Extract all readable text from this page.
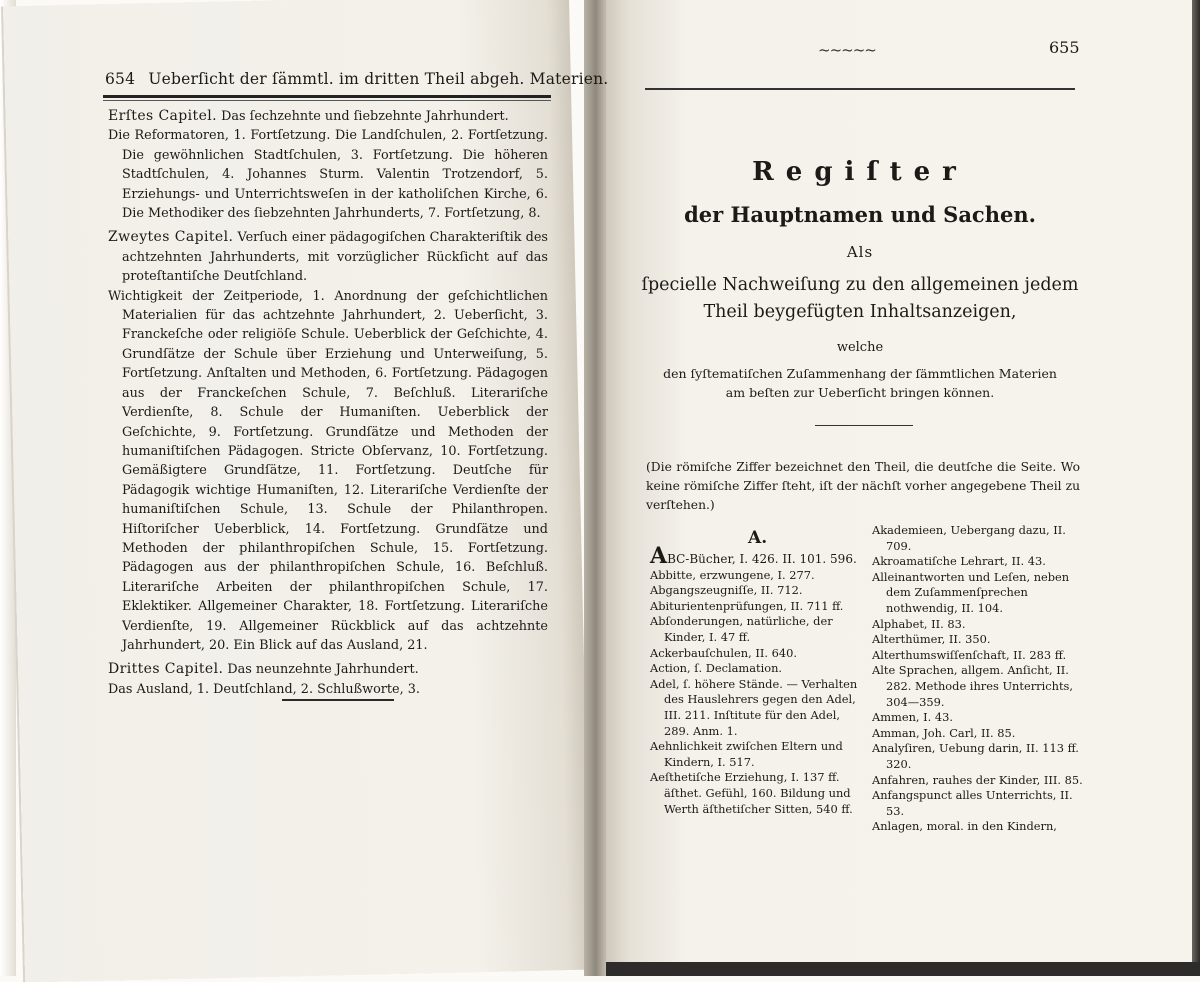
654 Ueberſicht der ſämmtl. im dritten Theil abgeh. Materien.

Erſtes Capitel. Das ſechzehnte und ſiebzehnte Jahrhundert.

Die Reformatoren, 1. Fortſetzung. Die Landſchulen, 2. Fortſetzung. Die gewöhnlichen Stadtſchulen, 3. Fortſetzung. Die höheren Stadtſchulen, 4. Johannes Sturm. Valentin Trotzendorf, 5. Erziehungs- und Unterrichtsweſen in der katholiſchen Kirche, 6. Die Methodiker des ſiebzehnten Jahrhunderts, 7. Fortſetzung, 8.

Zweytes Capitel. Verſuch einer pädagogiſchen Charakteriſtik des achtzehnten Jahrhunderts, mit vorzüglicher Rückſicht auf das proteſtantiſche Deutſchland.

Wichtigkeit der Zeitperiode, 1. Anordnung der geſchichtlichen Materialien für das achtzehnte Jahrhundert, 2. Ueberſicht, 3. Franckeſche oder religiöſe Schule. Ueberblick der Geſchichte, 4. Grundſätze der Schule über Erziehung und Unterweiſung, 5. Fortſetzung. Anſtalten und Methoden, 6. Fortſetzung. Pädagogen aus der Franckeſchen Schule, 7. Beſchluß. Literariſche Verdienſte, 8. Schule der Humaniſten. Ueberblick der Geſchichte, 9. Fortſetzung. Grundſätze und Methoden der humaniſtiſchen Pädagogen. Stricte Obſervanz, 10. Fortſetzung. Gemäßigtere Grundſätze, 11. Fortſetzung. Deutſche für Pädagogik wichtige Humaniſten, 12. Literariſche Verdienſte der humaniſtiſchen Schule, 13. Schule der Philanthropen. Hiſtoriſcher Ueberblick, 14. Fortſetzung. Grundſätze und Methoden der philanthropiſchen Schule, 15. Fortſetzung. Pädagogen aus der philanthropiſchen Schule, 16. Beſchluß. Literariſche Arbeiten der philanthropiſchen Schule, 17. Eklektiker. Allgemeiner Charakter, 18. Fortſetzung. Literariſche Verdienſte, 19. Allgemeiner Rückblick auf das achtzehnte Jahrhundert, 20. Ein Blick auf das Ausland, 21.

Drittes Capitel. Das neunzehnte Jahrhundert.

Das Ausland, 1. Deutſchland, 2. Schlußworte, 3.

~~~~~	655
Regiſter
der Hauptnamen und Sachen.
Als
ſpecielle Nachweiſung zu den allgemeinen jedem
Theil beygefügten Inhaltsanzeigen,
welche
den ſyſtematiſchen Zuſammenhang der ſämmtlichen Materien
am beſten zur Ueberſicht bringen können.
(Die römiſche Ziffer bezeichnet den Theil, die deutſche die Seite. Wo keine römiſche Ziffer ſteht, iſt der nächſt vorher angegebene Theil zu verſtehen.)
A.

ABC-Bücher, I. 426. II. 101. 596.

Abbitte, erzwungene, I. 277.

Abgangszeugniſſe, II. 712.

Abiturientenprüfungen, II. 711 ff.

Abſonderungen, natürliche, der Kinder, I. 47 ff.

Ackerbauſchulen, II. 640.

Action, ſ. Declamation.

Adel, ſ. höhere Stände. — Verhalten des Hauslehrers gegen den Adel, III. 211. Inſtitute für den Adel, 289. Anm. 1.

Aehnlichkeit zwiſchen Eltern und Kindern, I. 517.

Aeſthetiſche Erziehung, I. 137 ff. äſthet. Gefühl, 160. Bildung und Werth äſthetiſcher Sitten, 540 ff.

Akademieen, Uebergang dazu, II. 709.

Akroamatiſche Lehrart, II. 43.

Alleinantworten und Leſen, neben dem Zuſammenſprechen nothwendig, II. 104.

Alphabet, II. 83.

Alterthümer, II. 350.

Alterthumswiſſenſchaft, II. 283 ff.

Alte Sprachen, allgem. Anſicht, II. 282. Methode ihres Unterrichts, 304—359.

Ammen, I. 43.

Amman, Joh. Carl, II. 85.

Analyſiren, Uebung darin, II. 113 ff. 320.

Anfahren, rauhes der Kinder, III. 85.

Anfangspunct alles Unterrichts, II. 53.

Anlagen, moral. in den Kindern,
